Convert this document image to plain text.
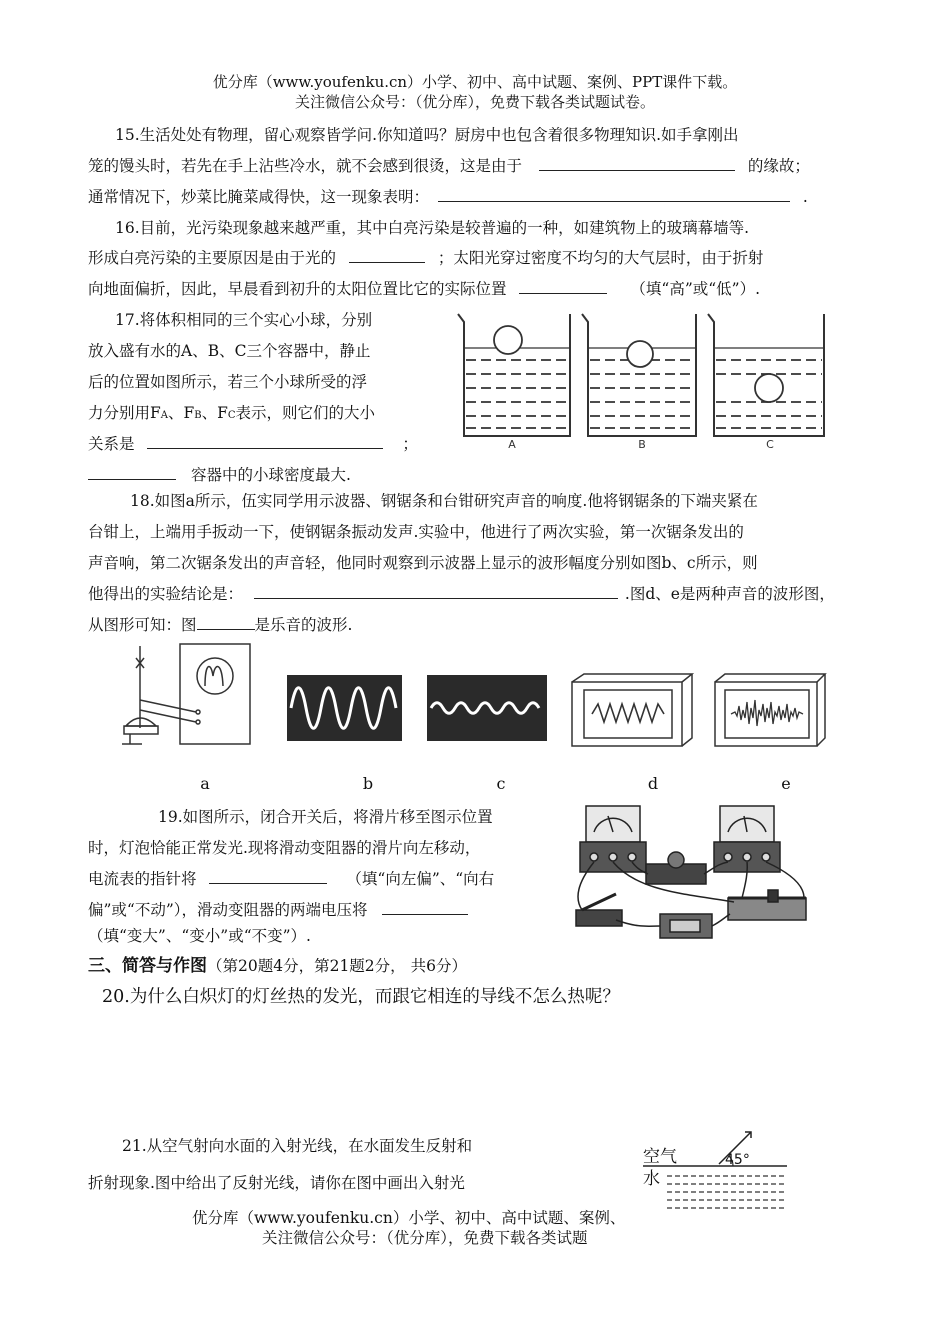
优分库（www.youfenku.cn）小学、初中、高中试题、案例、PPT课件下载。
关注微信公众号：（优分库），免费下载各类试题试卷。
15.生活处处有物理，留心观察皆学问.你知道吗？厨房中也包含着很多物理知识.如手拿刚出
笼的馒头时，若先在手上沾些冷水，就不会感到很烫，这是由于	的缘故；
通常情况下，炒菜比腌菜咸得快，这一现象表明：	.
16.目前，光污染现象越来越严重，其中白亮污染是较普遍的一种，如建筑物上的玻璃幕墙等.
形成白亮污染的主要原因是由于光的	；太阳光穿过密度不均匀的大气层时，由于折射
向地面偏折，因此，早晨看到初升的太阳位置比它的实际位置	（填“高”或“低”）.
17.将体积相同的三个实心小球，分别
放入盛有水的A、B、C三个容器中，静止
后的位置如图所示，若三个小球所受的浮
力分别用FA、FB、FC表示，则它们的大小
关系是	；
容器中的小球密度最大.
A	B	C
18.如图a所示，伍实同学用示波器、钢锯条和台钳研究声音的响度.他将钢锯条的下端夹紧在
台钳上，上端用手扳动一下，使钢锯条振动发声.实验中，他进行了两次实验，第一次锯条发出的
声音响，第二次锯条发出的声音轻，他同时观察到示波器上显示的波形幅度分别如图b、c所示，则
他得出的实验结论是：	.图d、e是两种声音的波形图，
从图形可知：图	是乐音的波形.
a	b	c	d	e
19.如图所示，闭合开关后，将滑片移至图示位置
时，灯泡恰能正常发光.现将滑动变阻器的滑片向左移动，
电流表的指针将	（填“向左偏”、“向右
偏”或“不动”），滑动变阻器的两端电压将
（填“变大”、“变小”或“不变”）.
三、简答与作图（第20题4分，第21题2分， 共6分）
20.为什么白炽灯的灯丝热的发光，而跟它相连的导线不怎么热呢？
21.从空气射向水面的入射光线，在水面发生反射和
折射现象.图中给出了反射光线，请你在图中画出入射光
空气
水
45°
优分库（www.youfenku.cn）小学、初中、高中试题、案例、
关注微信公众号：（优分库），免费下载各类试题
